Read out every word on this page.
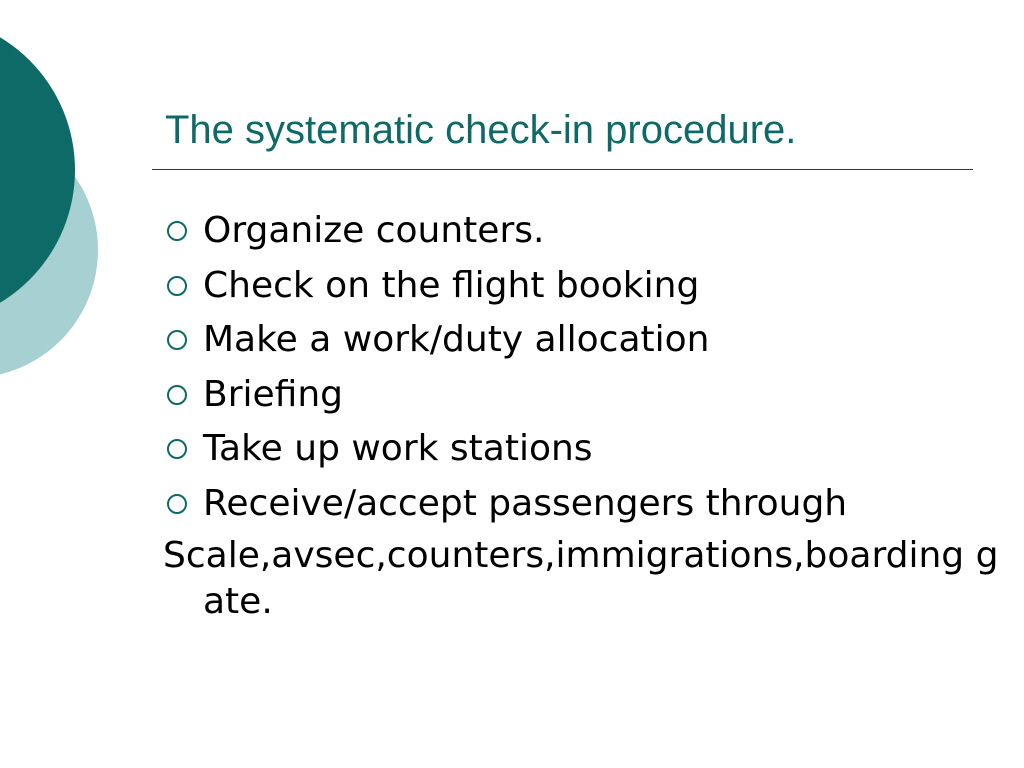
The systematic check-in procedure.
Organize counters.
Check on the flight booking
Make a work/duty allocation
Briefing
Take up work stations
Receive/accept passengers through
Scale,avsec,counters,immigrations,boarding gate.
